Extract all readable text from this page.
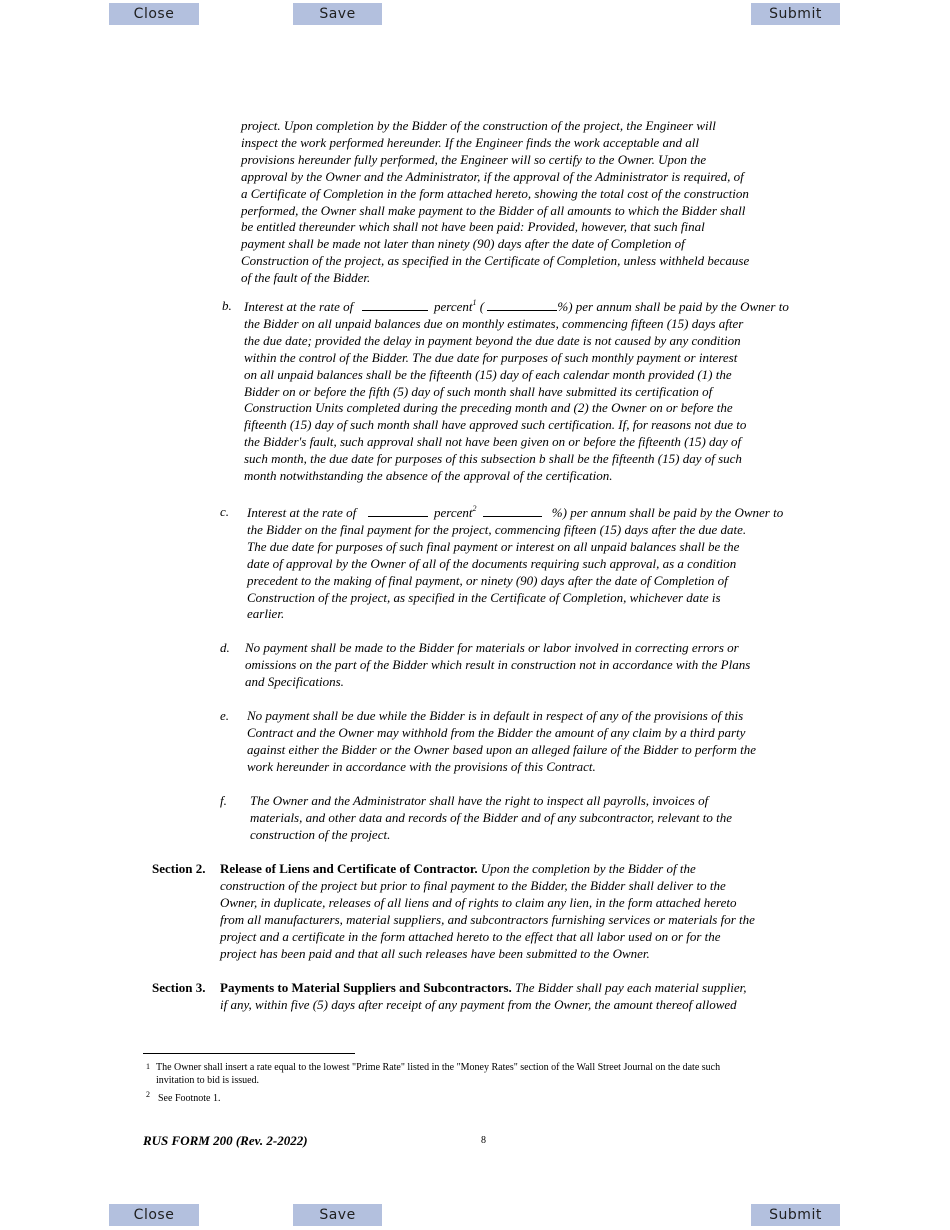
Close	Save	Submit
project. Upon completion by the Bidder of the construction of the project, the Engineer will
inspect the work performed hereunder. If the Engineer finds the work acceptable and all
provisions hereunder fully performed, the Engineer will so certify to the Owner. Upon the
approval by the Owner and the Administrator, if the approval of the Administrator is required, of
a Certificate of Completion in the form attached hereto, showing the total cost of the construction
performed, the Owner shall make payment to the Bidder of all amounts to which the Bidder shall
be entitled thereunder which shall not have been paid: Provided, however, that such final
payment shall be made not later than ninety (90) days after the date of Completion of
Construction of the project, as specified in the Certificate of Completion, unless withheld because
of the fault of the Bidder.
b. Interest at the rate of	percent$^1$ (	%) per annum shall be paid by the Owner to
the Bidder on all unpaid balances due on monthly estimates, commencing fifteen (15) days after
the due date; provided the delay in payment beyond the due date is not caused by any condition
within the control of the Bidder. The due date for purposes of such monthly payment or interest
on all unpaid balances shall be the fifteenth (15) day of each calendar month provided (1) the
Bidder on or before the fifth (5) day of such month shall have submitted its certification of
Construction Units completed during the preceding month and (2) the Owner on or before the
fifteenth (15) day of such month shall have approved such certification. If, for reasons not due to
the Bidder's fault, such approval shall not have been given on or before the fifteenth (15) day of
such month, the due date for purposes of this subsection b shall be the fifteenth (15) day of such
month notwithstanding the absence of the approval of the certification.
c. Interest at the rate of	percent$^2$	%) per annum shall be paid by the Owner to
the Bidder on the final payment for the project, commencing fifteen (15) days after the due date.
The due date for purposes of such final payment or interest on all unpaid balances shall be the
date of approval by the Owner of all of the documents requiring such approval, as a condition
precedent to the making of final payment, or ninety (90) days after the date of Completion of
Construction of the project, as specified in the Certificate of Completion, whichever date is
earlier.
d. No payment shall be made to the Bidder for materials or labor involved in correcting errors or
omissions on the part of the Bidder which result in construction not in accordance with the Plans
and Specifications.
e. No payment shall be due while the Bidder is in default in respect of any of the provisions of this
Contract and the Owner may withhold from the Bidder the amount of any claim by a third party
against either the Bidder or the Owner based upon an alleged failure of the Bidder to perform the
work hereunder in accordance with the provisions of this Contract.
f. The Owner and the Administrator shall have the right to inspect all payrolls, invoices of
materials, and other data and records of the Bidder and of any subcontractor, relevant to the
construction of the project.
Section 2. Release of Liens and Certificate of Contractor. Upon the completion by the Bidder of the
construction of the project but prior to final payment to the Bidder, the Bidder shall deliver to the
Owner, in duplicate, releases of all liens and of rights to claim any lien, in the form attached hereto
from all manufacturers, material suppliers, and subcontractors furnishing services or materials for the
project and a certificate in the form attached hereto to the effect that all labor used on or for the
project has been paid and that all such releases have been submitted to the Owner.
Section 3. Payments to Material Suppliers and Subcontractors. The Bidder shall pay each material supplier,
if any, within five (5) days after receipt of any payment from the Owner, the amount thereof allowed
1 The Owner shall insert a rate equal to the lowest "Prime Rate" listed in the "Money Rates" section of the Wall Street Journal on the date such
invitation to bid is issued.
2 See Footnote 1.
RUS FORM 200 (Rev. 2-2022)	8
Close	Save	Submit
